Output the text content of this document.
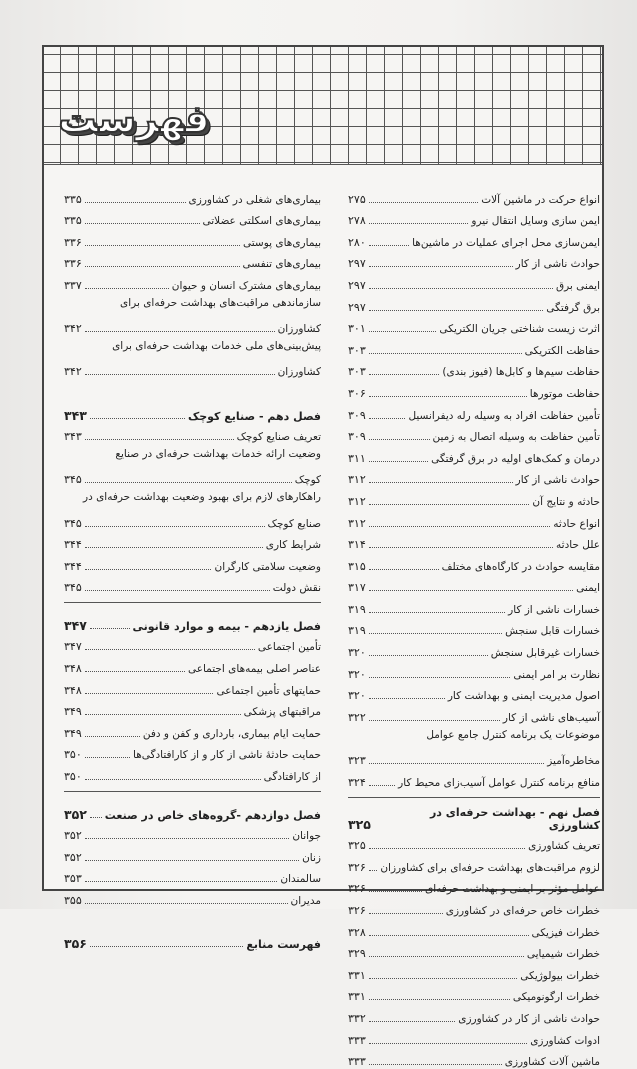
فهرست
انواع حرکت در ماشین آلات
۲۷۵
ایمن سازی وسایل انتقال نیرو
۲۷۸
ایمن‌سازی محل اجرای عملیات در ماشین‌ها
۲۸۰
حوادث ناشی از کار
۲۹۷
ایمنی برق
۲۹۷
برق گرفتگی
۲۹۷
اثرت زیست شناختی جریان الکتریکی
۳۰۱
حفاظت الکتریکی
۳۰۳
حفاظت سیم‌ها و کابل‌ها (فیوز بندی)
۳۰۳
حفاظت موتورها
۳۰۶
تأمین حفاظت افراد به وسیله رله دیفرانسیل
۳۰۹
تأمین حفاظت به وسیله اتصال به زمین
۳۰۹
درمان و کمک‌های اولیه در برق گرفتگی
۳۱۱
حوادث ناشی از کار
۳۱۲
حادثه و نتایج آن
۳۱۲
انواع حادثه
۳۱۲
علل حادثه
۳۱۴
مقایسه حوادث در کارگاه‌های مختلف
۳۱۵
ایمنی
۳۱۷
خسارات ناشی از کار
۳۱۹
خسارات قابل سنجش
۳۱۹
خسارات غیرقابل سنجش
۳۲۰
نظارت بر امر ایمنی
۳۲۰
اصول مدیریت ایمنی و بهداشت کار
۳۲۰
آسیب‌های ناشی از کار
۳۲۲
موضوعات یک برنامه کنترل جامع عوامل
مخاطره‌آمیز
۳۲۳
منافع برنامه کنترل عوامل آسیب‌زای محیط کار
۳۲۴
فصل نهم - بهداشت حرفه‌ای در کشاورزی
۳۲۵
تعریف کشاورزی
۳۲۵
لزوم مراقبت‌های بهداشت حرفه‌ای برای کشاورزان
۳۲۶
عوامل مؤثر بر ایمنی و بهداشت حرفه‌ای
۳۲۶
خطرات خاص حرفه‌ای در کشاورزی
۳۲۶
خطرات فیزیکی
۳۲۸
خطرات شیمیایی
۳۲۹
خطرات بیولوژیکی
۳۳۱
خطرات ارگونومیکی
۳۳۱
حوادث ناشی از کار در کشاورزی
۳۳۲
ادوات کشاورزی
۳۳۳
ماشین آلات کشاورزی
۳۳۳
بیماری‌های شغلی در کشاورزی
۳۳۵
بیماری‌های اسکلتی عضلاتی
۳۳۵
بیماری‌های پوستی
۳۳۶
بیماری‌های تنفسی
۳۳۶
بیماری‌های مشترک انسان و حیوان
۳۳۷
سازماندهی مراقبت‌های بهداشت حرفه‌ای برای
کشاورزان
۳۴۲
پیش‌بینی‌های ملی خدمات بهداشت حرفه‌ای برای
کشاورزان
۳۴۲
فصل دهم - صنایع کوچک
۳۴۳
تعریف صنایع کوچک
۳۴۳
وضعیت ارائه خدمات بهداشت حرفه‌ای در صنایع
کوچک
۳۴۵
راهکارهای لازم برای بهبود وضعیت بهداشت حرفه‌ای در
صنایع کوچک
۳۴۵
شرایط کاری
۳۴۴
وضعیت سلامتی کارگران
۳۴۴
نقش دولت
۳۴۵
فصل یازدهم - بیمه و موارد قانونی
۳۴۷
تأمین اجتماعی
۳۴۷
عناصر اصلی بیمه‌های اجتماعی
۳۴۸
حمایتهای تأمین اجتماعی
۳۴۸
مراقبتهای پزشکی
۳۴۹
حمایت ایام بیماری، بارداری و کفن و دفن
۳۴۹
حمایت حادثهٔ ناشی از کار و از کارافتادگی‌ها
۳۵۰
از کارافتادگی
۳۵۰
فصل دوازدهم -گروه‌های خاص در صنعت
۳۵۲
جوانان
۳۵۲
زنان
۳۵۲
سالمندان
۳۵۳
مدیران
۳۵۵
فهرست منابع
۳۵۶
